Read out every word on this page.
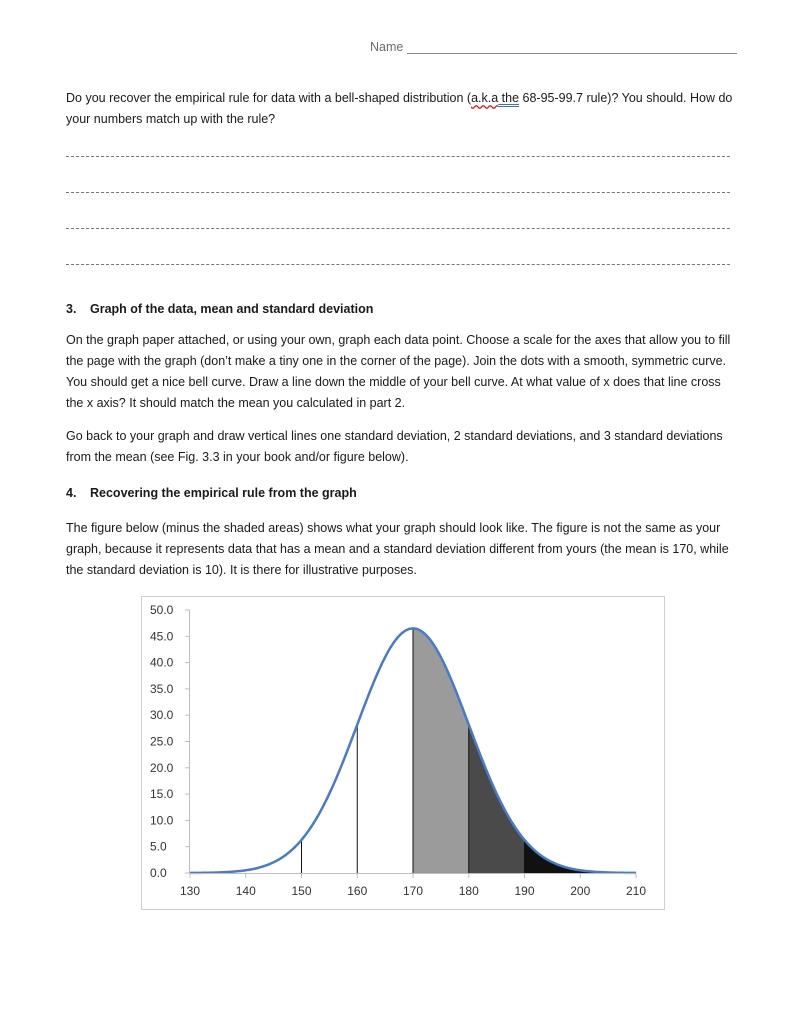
Name
Do you recover the empirical rule for data with a bell-shaped distribution (a.k.a the 68-95-99.7 rule)? You should. How do your numbers match up with the rule?
3. Graph of the data, mean and standard deviation
On the graph paper attached, or using your own, graph each data point. Choose a scale for the axes that allow you to fill the page with the graph (don’t make a tiny one in the corner of the page). Join the dots with a smooth, symmetric curve. You should get a nice bell curve. Draw a line down the middle of your bell curve. At what value of x does that line cross the x axis? It should match the mean you calculated in part 2.
Go back to your graph and draw vertical lines one standard deviation, 2 standard deviations, and 3 standard deviations from the mean (see Fig. 3.3 in your book and/or figure below).
4. Recovering the empirical rule from the graph
The figure below (minus the shaded areas) shows what your graph should look like. The figure is not the same as your graph, because it represents data that has a mean and a standard deviation different from yours (the mean is 170, while the standard deviation is 10). It is there for illustrative purposes.
0.0
5.0
10.0
15.0
20.0
25.0
30.0
35.0
40.0
45.0
50.0
130	140	150	160	170	180	190	200	210
